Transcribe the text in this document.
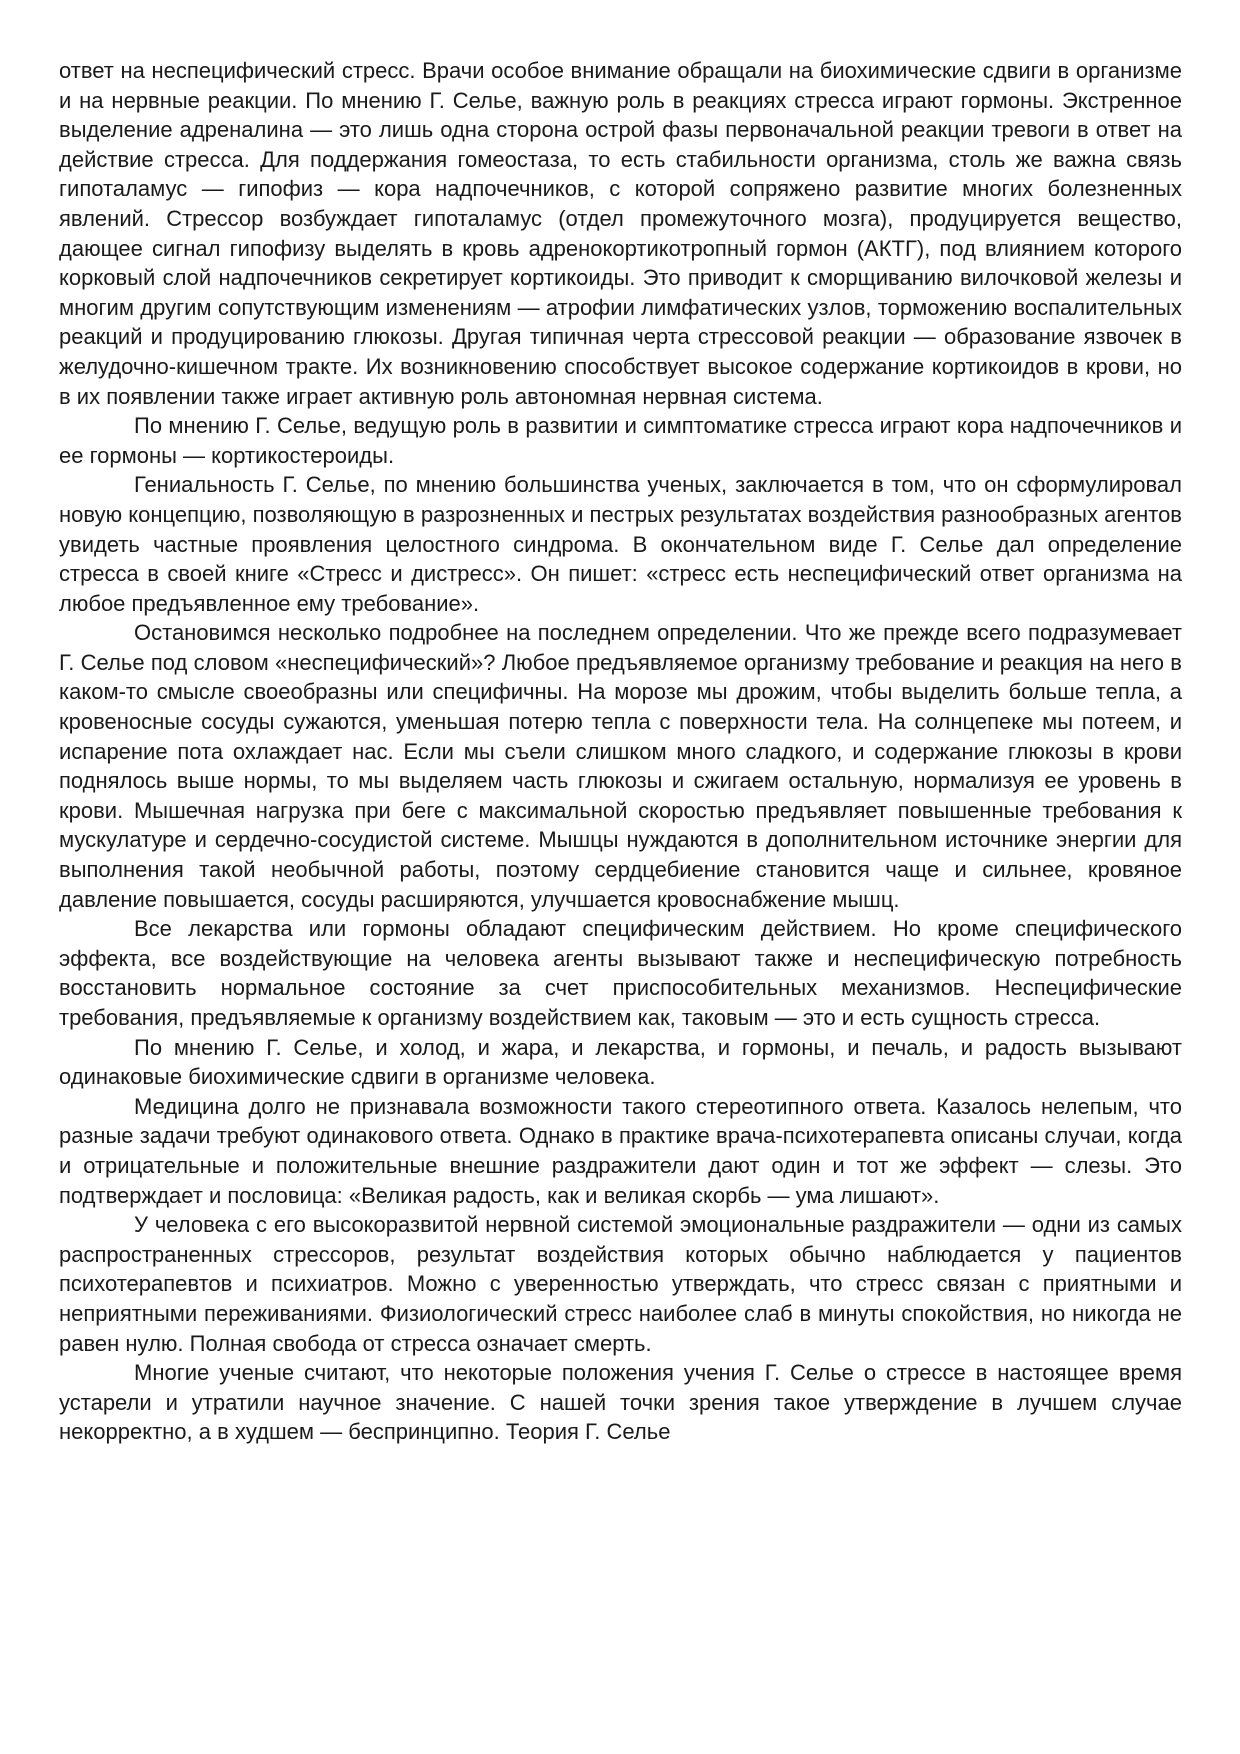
ответ на неспецифический стресс. Врачи особое внимание обращали на биохимические сдвиги в организме и на нервные реакции. По мнению Г. Селье, важную роль в реакциях стресса играют гормоны. Экстренное выделение адреналина — это лишь одна сторона острой фазы первоначальной реакции тревоги в ответ на действие стресса. Для поддержания гомеостаза, то есть стабильности организма, столь же важна связь гипоталамус — гипофиз — кора надпочечников, с которой сопряжено развитие многих болезненных явлений. Стрессор возбуждает гипоталамус (отдел промежуточного мозга), продуцируется вещество, дающее сигнал гипофизу выделять в кровь адренокортикотропный гормон (АКТГ), под влиянием которого корковый слой надпочечников секретирует кортикоиды. Это приводит к сморщиванию вилочковой железы и многим другим сопутствующим изменениям — атрофии лимфатических узлов, торможению воспалительных реакций и продуцированию глюкозы. Другая типичная черта стрессовой реакции — образование язвочек в желудочно-кишечном тракте. Их возникновению способствует высокое содержание кортикоидов в крови, но в их появлении также играет активную роль автономная нервная система.

По мнению Г. Селье, ведущую роль в развитии и симптоматике стресса играют кора надпочечников и ее гормоны — кортикостероиды.

Гениальность Г. Селье, по мнению большинства ученых, заключается в том, что он сформулировал новую концепцию, позволяющую в разрозненных и пестрых результатах воздействия разнообразных агентов увидеть частные проявления целостного синдрома. В окончательном виде Г. Селье дал определение стресса в своей книге «Стресс и дистресс». Он пишет: «стресс есть неспецифический ответ организма на любое предъявленное ему требование».

Остановимся несколько подробнее на последнем определении. Что же прежде всего подразумевает Г. Селье под словом «неспецифический»? Любое предъявляемое организму требование и реакция на него в каком-то смысле своеобразны или специфичны. На морозе мы дрожим, чтобы выделить больше тепла, а кровеносные сосуды сужаются, уменьшая потерю тепла с поверхности тела. На солнцепеке мы потеем, и испарение пота охлаждает нас. Если мы съели слишком много сладкого, и содержание глюкозы в крови поднялось выше нормы, то мы выделяем часть глюкозы и сжигаем остальную, нормализуя ее уровень в крови. Мышечная нагрузка при беге с максимальной скоростью предъявляет повышенные требования к мускулатуре и сердечно-сосудистой системе. Мышцы нуждаются в дополнительном источнике энергии для выполнения такой необычной работы, поэтому сердцебиение становится чаще и сильнее, кровяное давление повышается, сосуды расширяются, улучшается кровоснабжение мышц.

Все лекарства или гормоны обладают специфическим действием. Но кроме специфического эффекта, все воздействующие на человека агенты вызывают также и неспецифическую потребность восстановить нормальное состояние за счет приспособительных механизмов. Неспецифические требования, предъявляемые к организму воздействием как, таковым — это и есть сущность стресса.

По мнению Г. Селье, и холод, и жара, и лекарства, и гормоны, и печаль, и радость вызывают одинаковые биохимические сдвиги в организме человека.

Медицина долго не признавала возможности такого стереотипного ответа. Казалось нелепым, что разные задачи требуют одинакового ответа. Однако в практике врача-психотерапевта описаны случаи, когда и отрицательные и положительные внешние раздражители дают один и тот же эффект — слезы. Это подтверждает и пословица: «Великая радость, как и великая скорбь — ума лишают».

У человека с его высокоразвитой нервной системой эмоциональные раздражители — одни из самых распространенных стрессоров, результат воздействия которых обычно наблюдается у пациентов психотерапевтов и психиатров. Можно с уверенностью утверждать, что стресс связан с приятными и неприятными переживаниями. Физиологический стресс наиболее слаб в минуты спокойствия, но никогда не равен нулю. Полная свобода от стресса означает смерть.

Многие ученые считают, что некоторые положения учения Г. Селье о стрессе в настоящее время устарели и утратили научное значение. С нашей точки зрения такое утверждение в лучшем случае некорректно, а в худшем — беспринципно. Теория Г. Селье
